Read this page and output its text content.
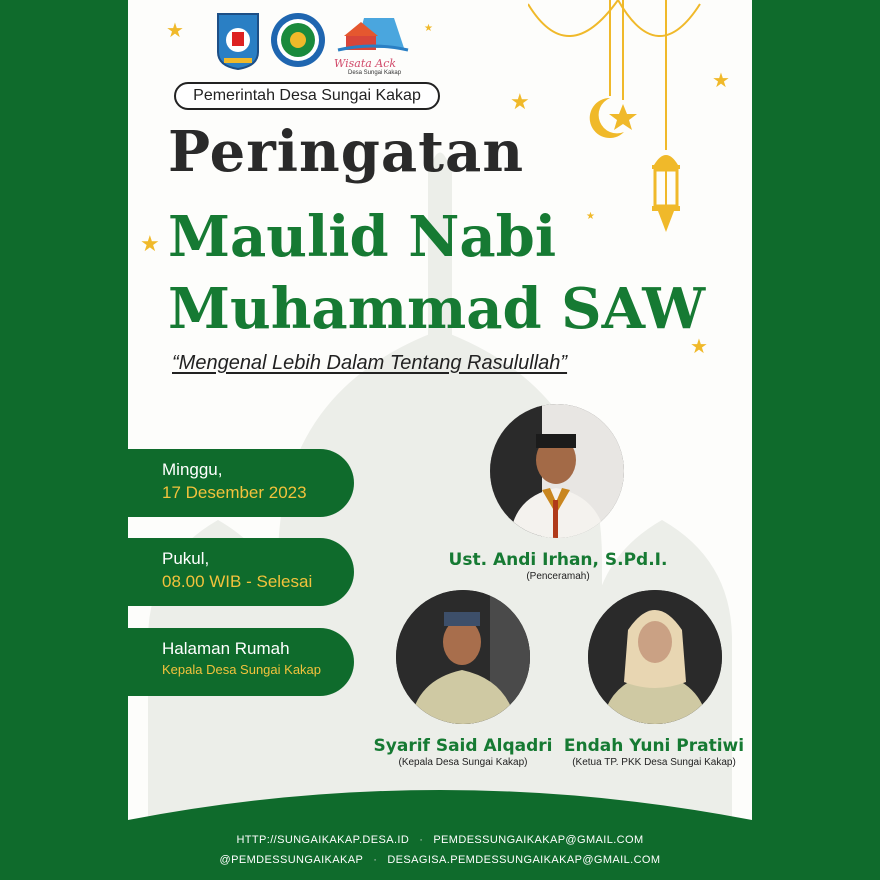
★	★
★
★
★
★
★
Wisata Ack
Desa Sungai Kakap
Pemerintah Desa Sungai Kakap
Peringatan
Maulid Nabi
Muhammad SAW
“Mengenal Lebih Dalam Tentang Rasulullah”
Minggu,
17 Desember 2023
Pukul,
08.00 WIB - Selesai
Halaman Rumah
Kepala Desa Sungai Kakap
Ust. Andi Irhan, S.Pd.I.
(Penceramah)
Syarif Said Alqadri
(Kepala Desa Sungai Kakap)
Endah Yuni Pratiwi
(Ketua TP. PKK Desa Sungai Kakap)
HTTP://SUNGAIKAKAP.DESA.ID · PEMDESSUNGAIKAKAP@GMAIL.COM
@PEMDESSUNGAIKAKAP · DESAGISA.PEMDESSUNGAIKAKAP@GMAIL.COM
